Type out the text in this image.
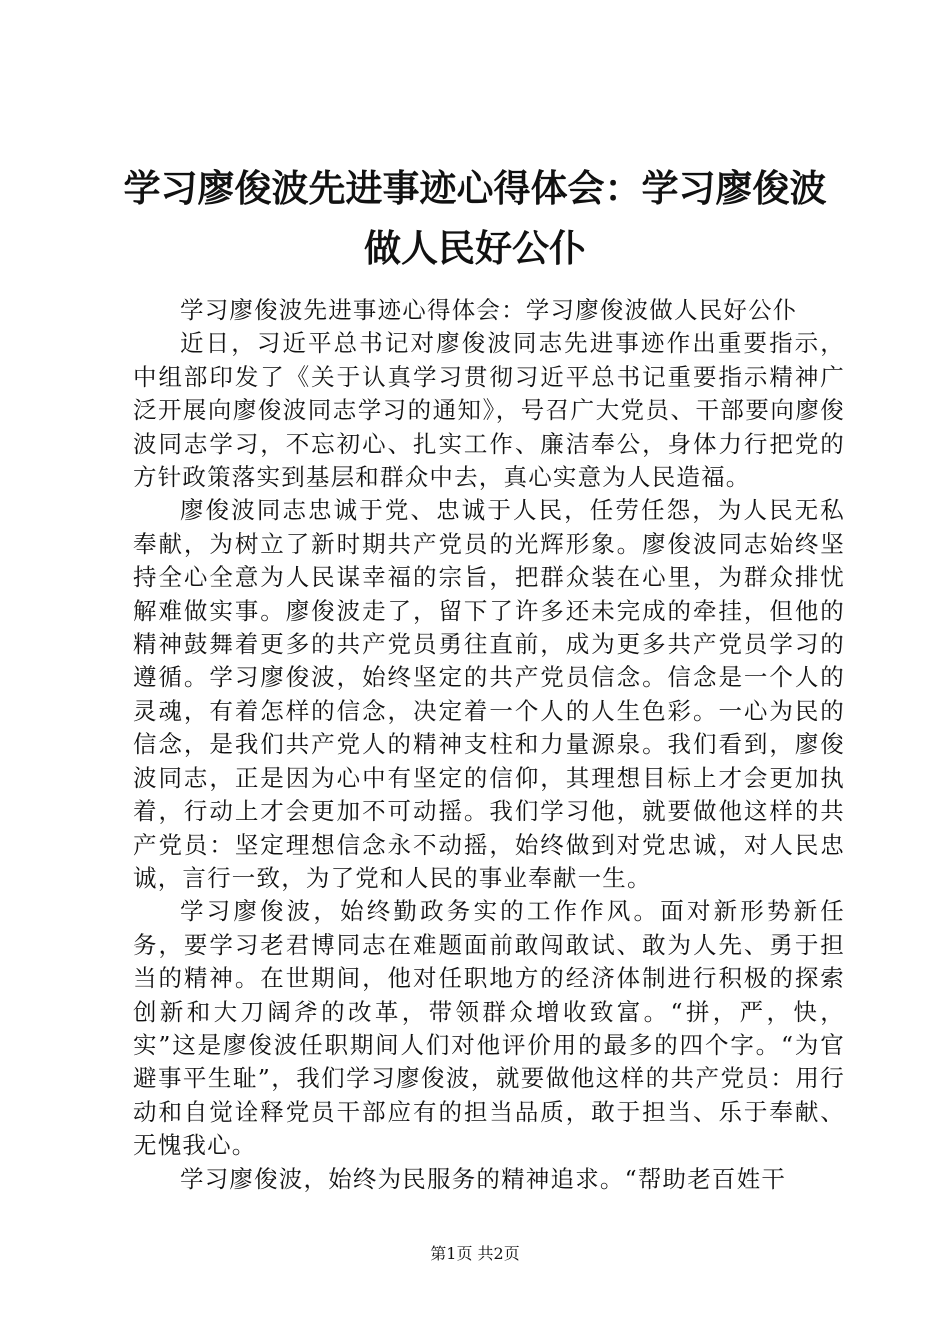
学习廖俊波先进事迹心得体会：学习廖俊波做人民好公仆

学习廖俊波先进事迹心得体会：学习廖俊波做人民好公仆

近日，习近平总书记对廖俊波同志先进事迹作出重要指示，中组部印发了《关于认真学习贯彻习近平总书记重要指示精神广泛开展向廖俊波同志学习的通知》，号召广大党员、干部要向廖俊波同志学习，不忘初心、扎实工作、廉洁奉公，身体力行把党的方针政策落实到基层和群众中去，真心实意为人民造福。

廖俊波同志忠诚于党、忠诚于人民，任劳任怨，为人民无私奉献，为树立了新时期共产党员的光辉形象。廖俊波同志始终坚持全心全意为人民谋幸福的宗旨，把群众装在心里，为群众排忧解难做实事。廖俊波走了，留下了许多还未完成的牵挂，但他的精神鼓舞着更多的共产党员勇往直前，成为更多共产党员学习的遵循。学习廖俊波，始终坚定的共产党员信念。信念是一个人的灵魂，有着怎样的信念，决定着一个人的人生色彩。一心为民的信念，是我们共产党人的精神支柱和力量源泉。我们看到，廖俊波同志，正是因为心中有坚定的信仰，其理想目标上才会更加执着，行动上才会更加不可动摇。我们学习他，就要做他这样的共产党员：坚定理想信念永不动摇，始终做到对党忠诚，对人民忠诚，言行一致，为了党和人民的事业奉献一生。

学习廖俊波，始终勤政务实的工作作风。面对新形势新任务，要学习老君博同志在难题面前敢闯敢试、敢为人先、勇于担当的精神。在世期间，他对任职地方的经济体制进行积极的探索创新和大刀阔斧的改革，带领群众增收致富。“拼，严，快，实”这是廖俊波任职期间人们对他评价用的最多的四个字。“为官避事平生耻”，我们学习廖俊波，就要做他这样的共产党员：用行动和自觉诠释党员干部应有的担当品质，敢于担当、乐于奉献、无愧我心。

学习廖俊波，始终为民服务的精神追求。“帮助老百姓干

第1页 共2页
